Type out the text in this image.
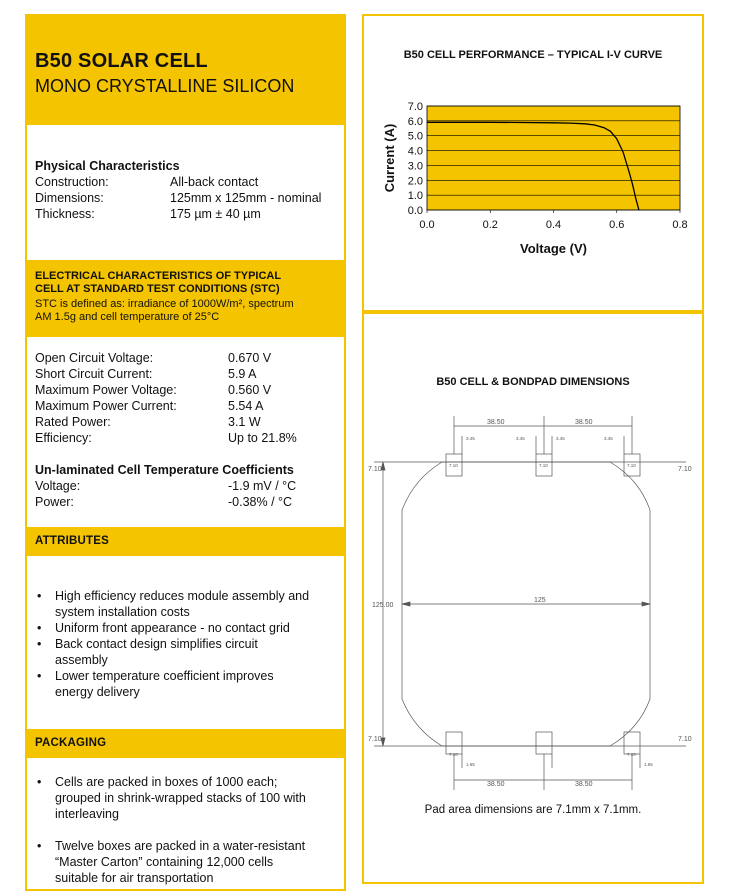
B50 SOLAR CELL
MONO CRYSTALLINE SILICON
Physical Characteristics
Construction:	All-back contact
Dimensions:	125mm x 125mm - nominal
Thickness:	175 µm ± 40 µm
ELECTRICAL CHARACTERISTICS OF TYPICAL
CELL AT STANDARD TEST CONDITIONS (STC)
STC is defined as: irradiance of 1000W/m², spectrum
AM 1.5g and cell temperature of 25°C
Open Circuit Voltage:	0.670 V
Short Circuit Current:	5.9 A
Maximum Power Voltage:	0.560 V
Maximum Power Current:	5.54 A
Rated Power:	3.1 W
Efficiency:	Up to 21.8%
Un-laminated Cell Temperature Coefficients
Voltage:	-1.9 mV / °C
Power:	-0.38% / °C
ATTRIBUTES
• High efficiency reduces module assembly and
system installation costs
• Uniform front appearance - no contact grid
• Back contact design simplifies circuit
assembly
• Lower temperature coefficient improves
energy delivery
PACKAGING
• Cells are packed in boxes of 1000 each;
grouped in shrink-wrapped stacks of 100 with
interleaving
• Twelve boxes are packed in a water-resistant
“Master Carton” containing 12,000 cells
suitable for air transportation
B50 CELL PERFORMANCE – TYPICAL I-V CURVE
0.0
1.0
2.0
3.0
4.0
5.0
6.0
7.0
0.0	0.2	0.4	0.6	0.8
Voltage (V)
Current (A)
B50 CELL & BONDPAD DIMENSIONS
38.50	38.50
38.50	38.50
7.10	7.10
7.10	7.10
125.00
125
3.45	3.45	3.45	3.45
7.10	7.10	7.10
7.10	7.10
1.65	1.65
Pad area dimensions are 7.1mm x 7.1mm.
